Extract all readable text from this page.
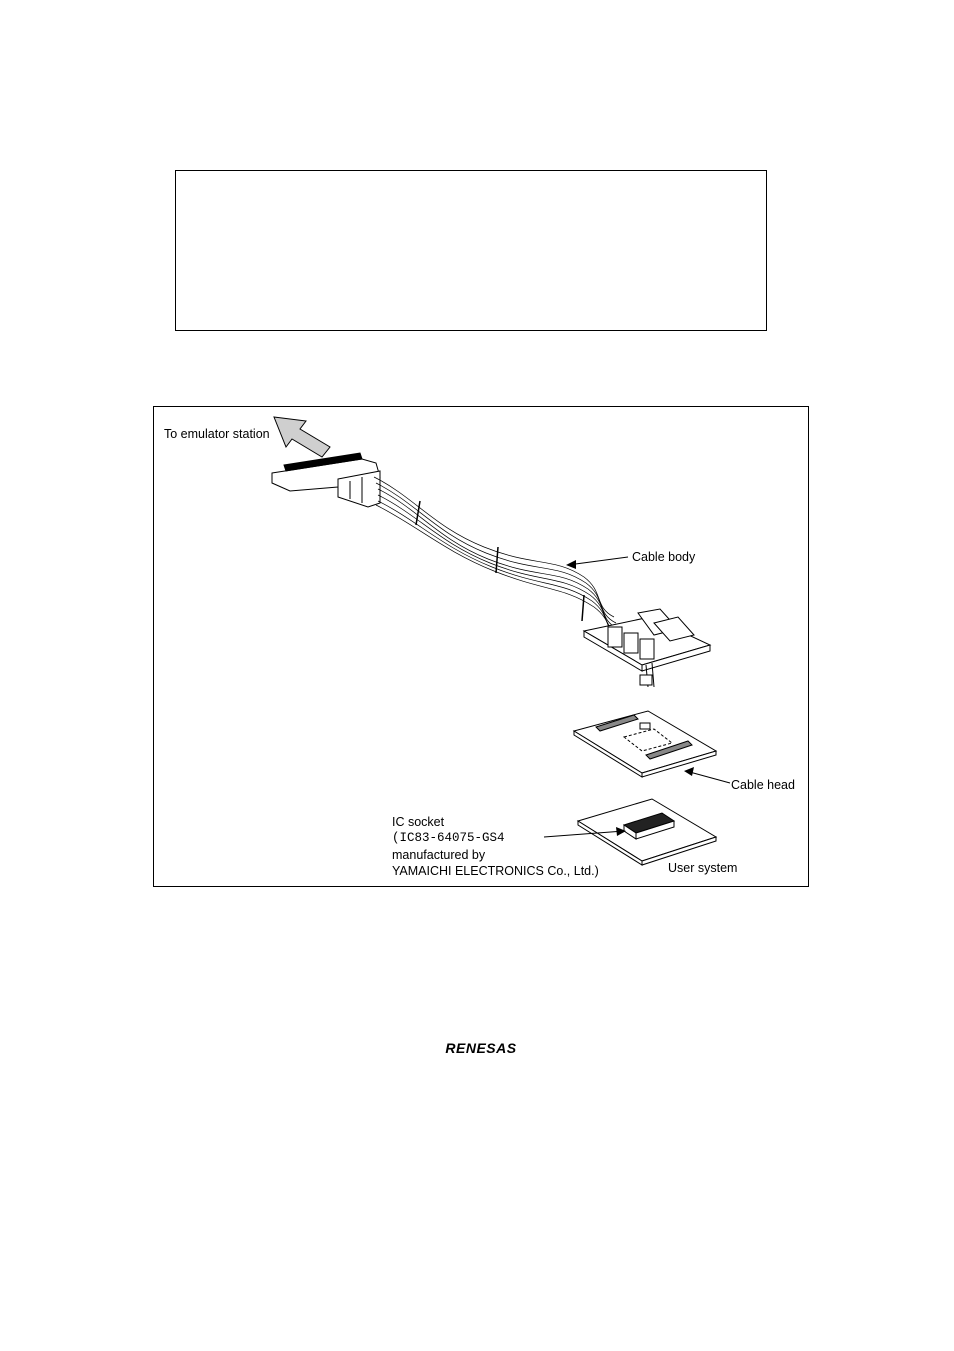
To emulator station
Cable body
Cable head
IC socket
(IC83-64075-GS4
manufactured by
YAMAICHI ELECTRONICS Co., Ltd.)	User system
RENESAS
